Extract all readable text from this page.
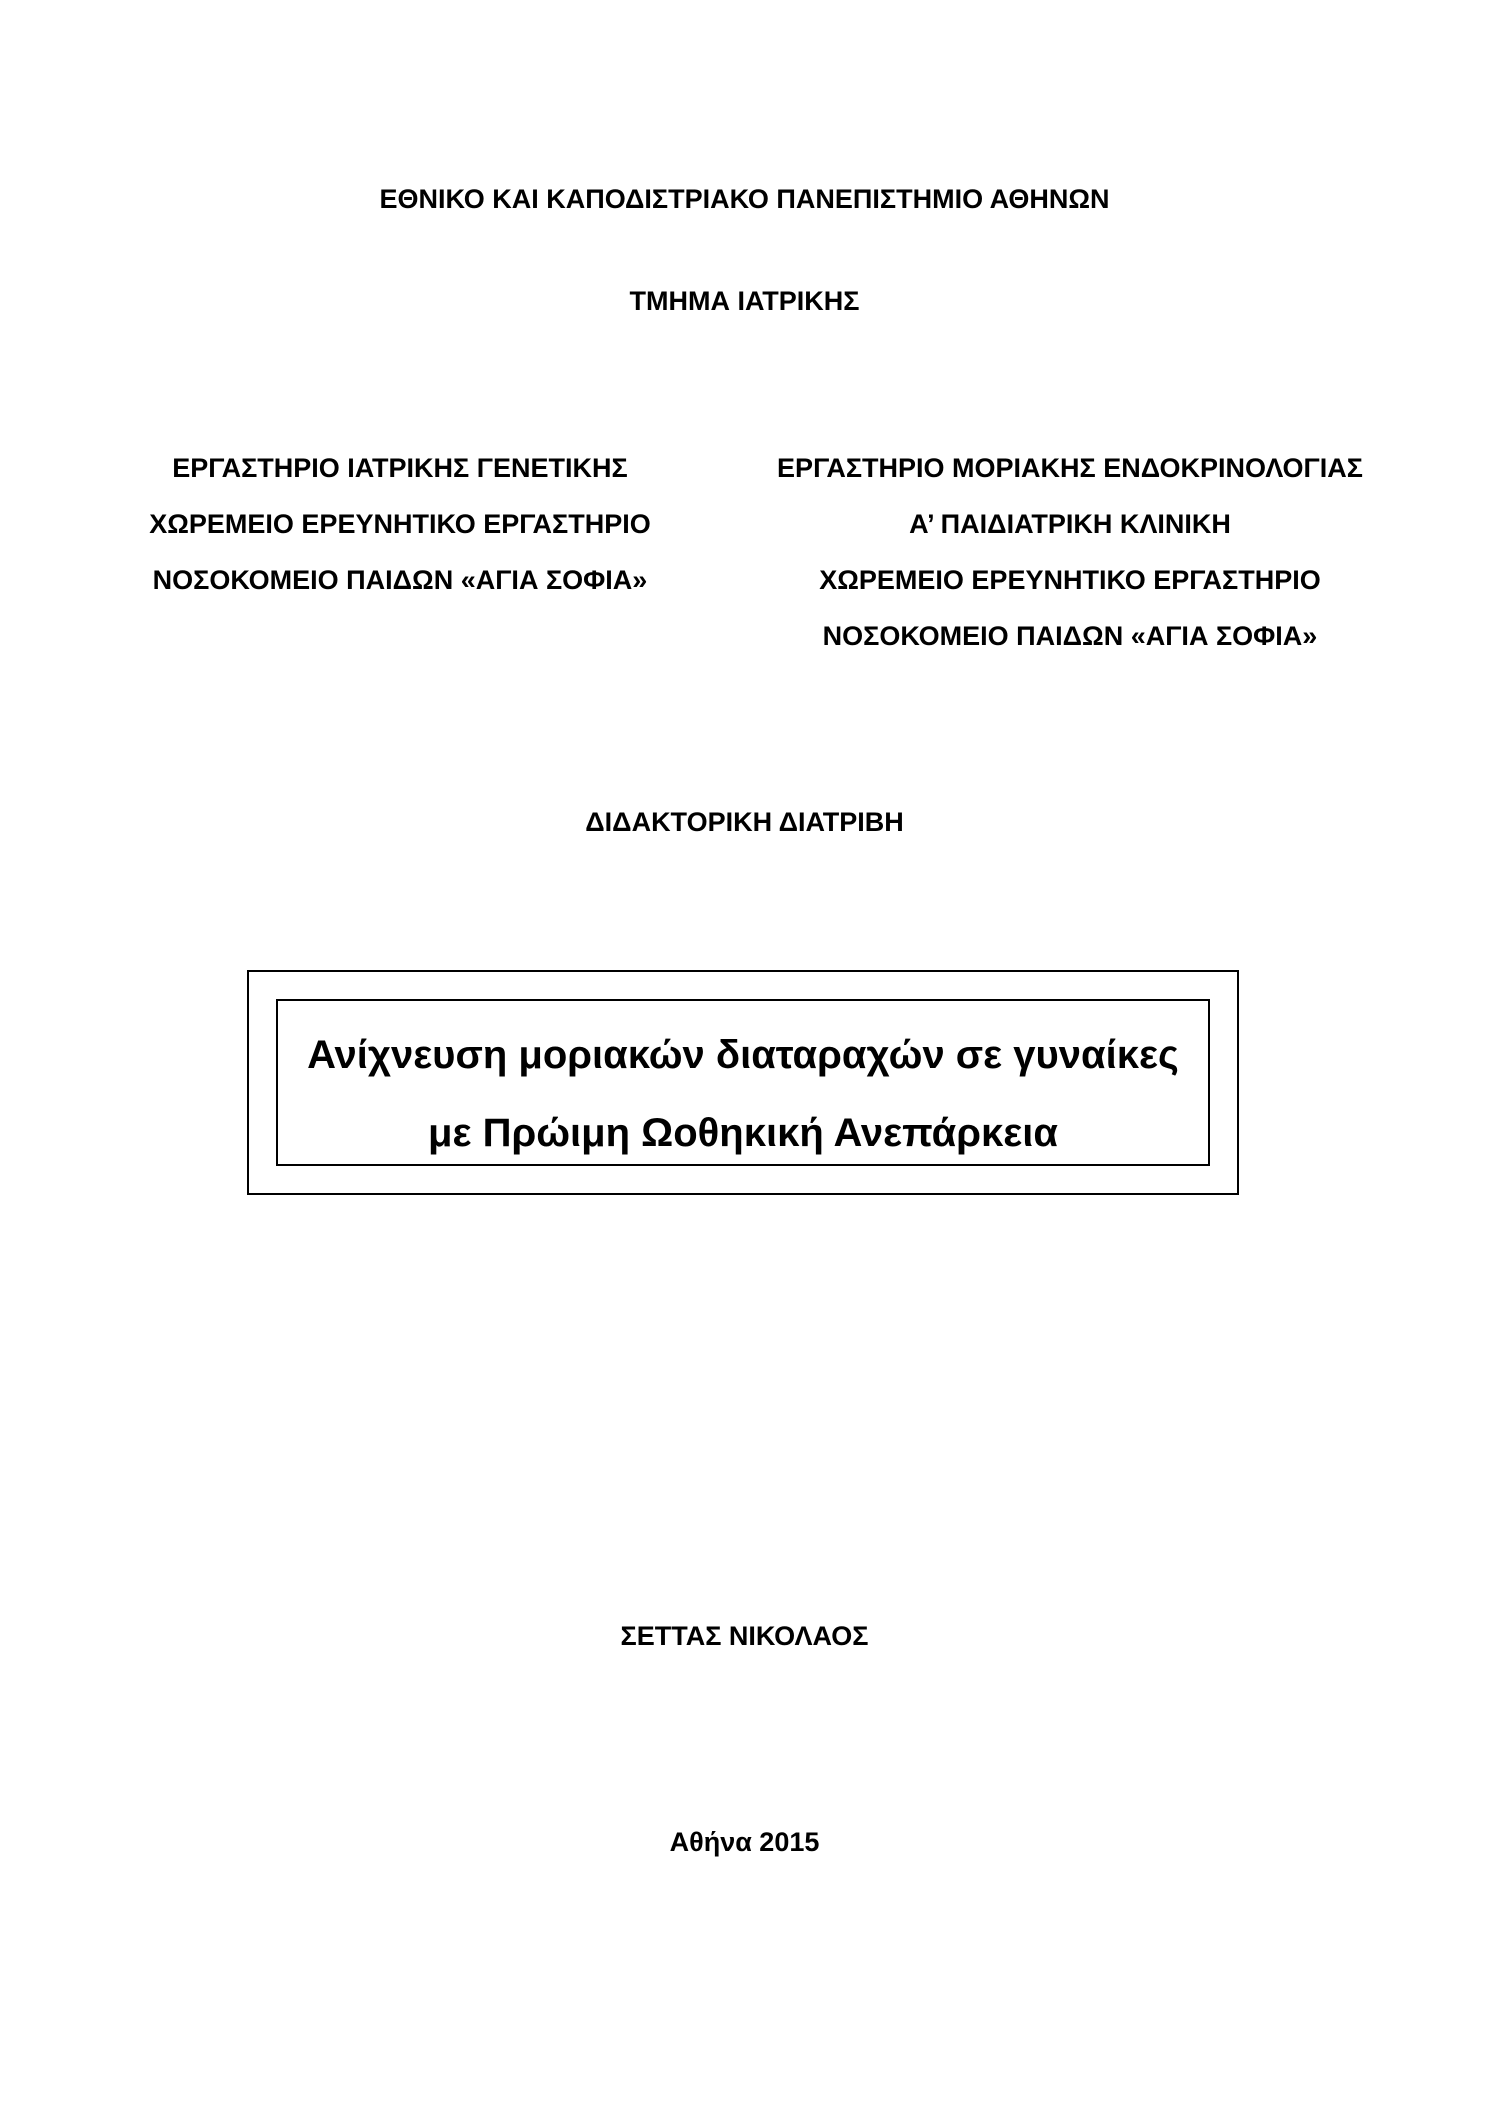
ΕΘΝΙΚΟ ΚΑΙ ΚΑΠΟΔΙΣΤΡΙΑΚΟ ΠΑΝΕΠΙΣΤΗΜΙΟ ΑΘΗΝΩΝ
ΤΜΗΜΑ ΙΑΤΡΙΚΗΣ
ΕΡΓΑΣΤΗΡΙΟ ΙΑΤΡΙΚΗΣ ΓΕΝΕΤΙΚΗΣ
ΧΩΡΕΜΕΙΟ ΕΡΕΥΝΗΤΙΚΟ ΕΡΓΑΣΤΗΡΙΟ
ΝΟΣΟΚΟΜΕΙΟ ΠΑΙΔΩΝ «ΑΓΙΑ ΣΟΦΙΑ»
ΕΡΓΑΣΤΗΡΙΟ ΜΟΡΙΑΚΗΣ ΕΝΔΟΚΡΙΝΟΛΟΓΙΑΣ
Α’ ΠΑΙΔΙΑΤΡΙΚΗ ΚΛΙΝΙΚΗ
ΧΩΡΕΜΕΙΟ ΕΡΕΥΝΗΤΙΚΟ ΕΡΓΑΣΤΗΡΙΟ
ΝΟΣΟΚΟΜΕΙΟ ΠΑΙΔΩΝ «ΑΓΙΑ ΣΟΦΙΑ»
ΔΙΔΑΚΤΟΡΙΚΗ ΔΙΑΤΡΙΒΗ
Ανίχνευση μοριακών διαταραχών σε γυναίκες
με Πρώιμη Ωοθηκική Ανεπάρκεια
ΣΕΤΤΑΣ ΝΙΚΟΛΑΟΣ
Αθήνα 2015
